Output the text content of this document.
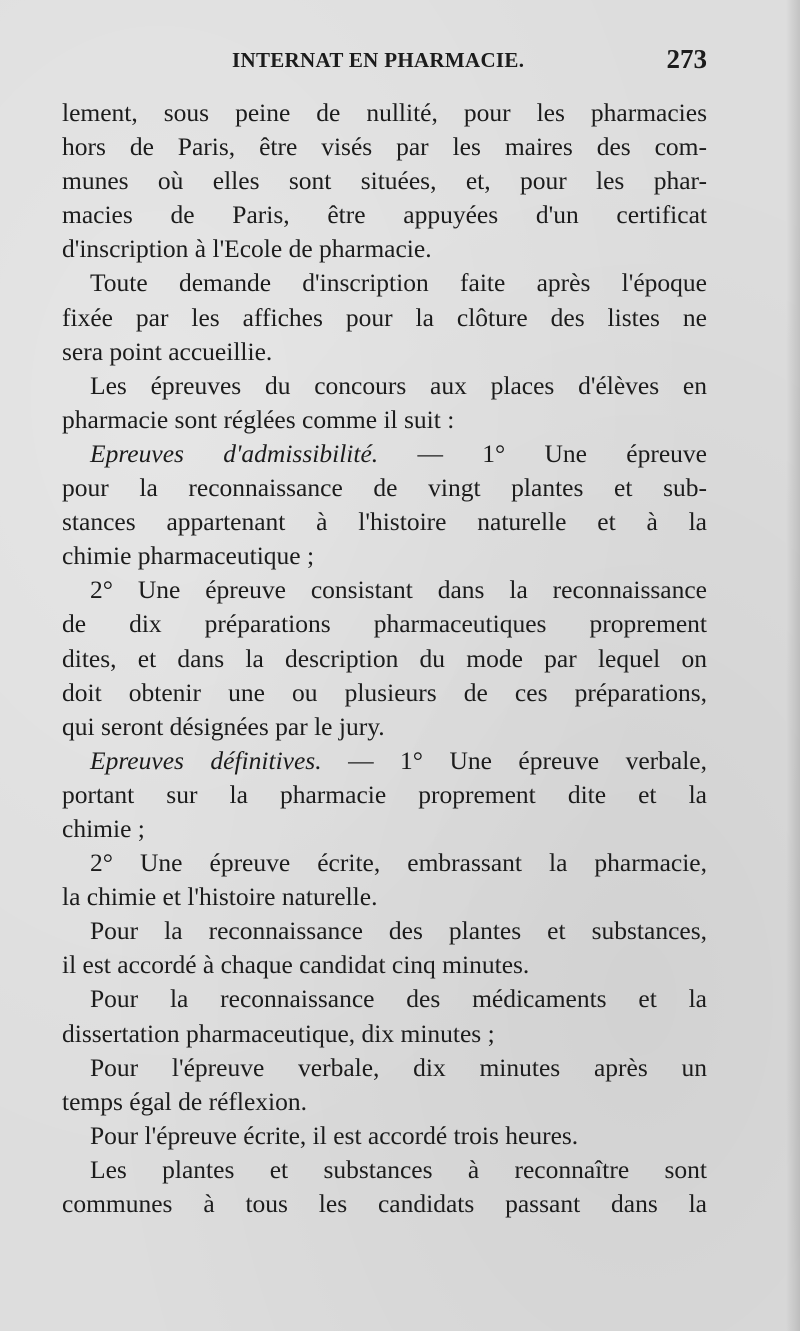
INTERNAT EN PHARMACIE.	273
lement, sous peine de nullité, pour les pharmacies
hors de Paris, être visés par les maires des com-
munes où elles sont situées, et, pour les phar-
macies de Paris, être appuyées d'un certificat
d'inscription à l'Ecole de pharmacie.
Toute demande d'inscription faite après l'époque
fixée par les affiches pour la clôture des listes ne
sera point accueillie.
Les épreuves du concours aux places d'élèves en
pharmacie sont réglées comme il suit :
Epreuves d'admissibilité. — 1° Une épreuve
pour la reconnaissance de vingt plantes et sub-
stances appartenant à l'histoire naturelle et à la
chimie pharmaceutique ;
2° Une épreuve consistant dans la reconnaissance
de dix préparations pharmaceutiques proprement
dites, et dans la description du mode par lequel on
doit obtenir une ou plusieurs de ces préparations,
qui seront désignées par le jury.
Epreuves définitives. — 1° Une épreuve verbale,
portant sur la pharmacie proprement dite et la
chimie ;
2° Une épreuve écrite, embrassant la pharmacie,
la chimie et l'histoire naturelle.
Pour la reconnaissance des plantes et substances,
il est accordé à chaque candidat cinq minutes.
Pour la reconnaissance des médicaments et la
dissertation pharmaceutique, dix minutes ;
Pour l'épreuve verbale, dix minutes après un
temps égal de réflexion.
Pour l'épreuve écrite, il est accordé trois heures.
Les plantes et substances à reconnaître sont
communes à tous les candidats passant dans la
